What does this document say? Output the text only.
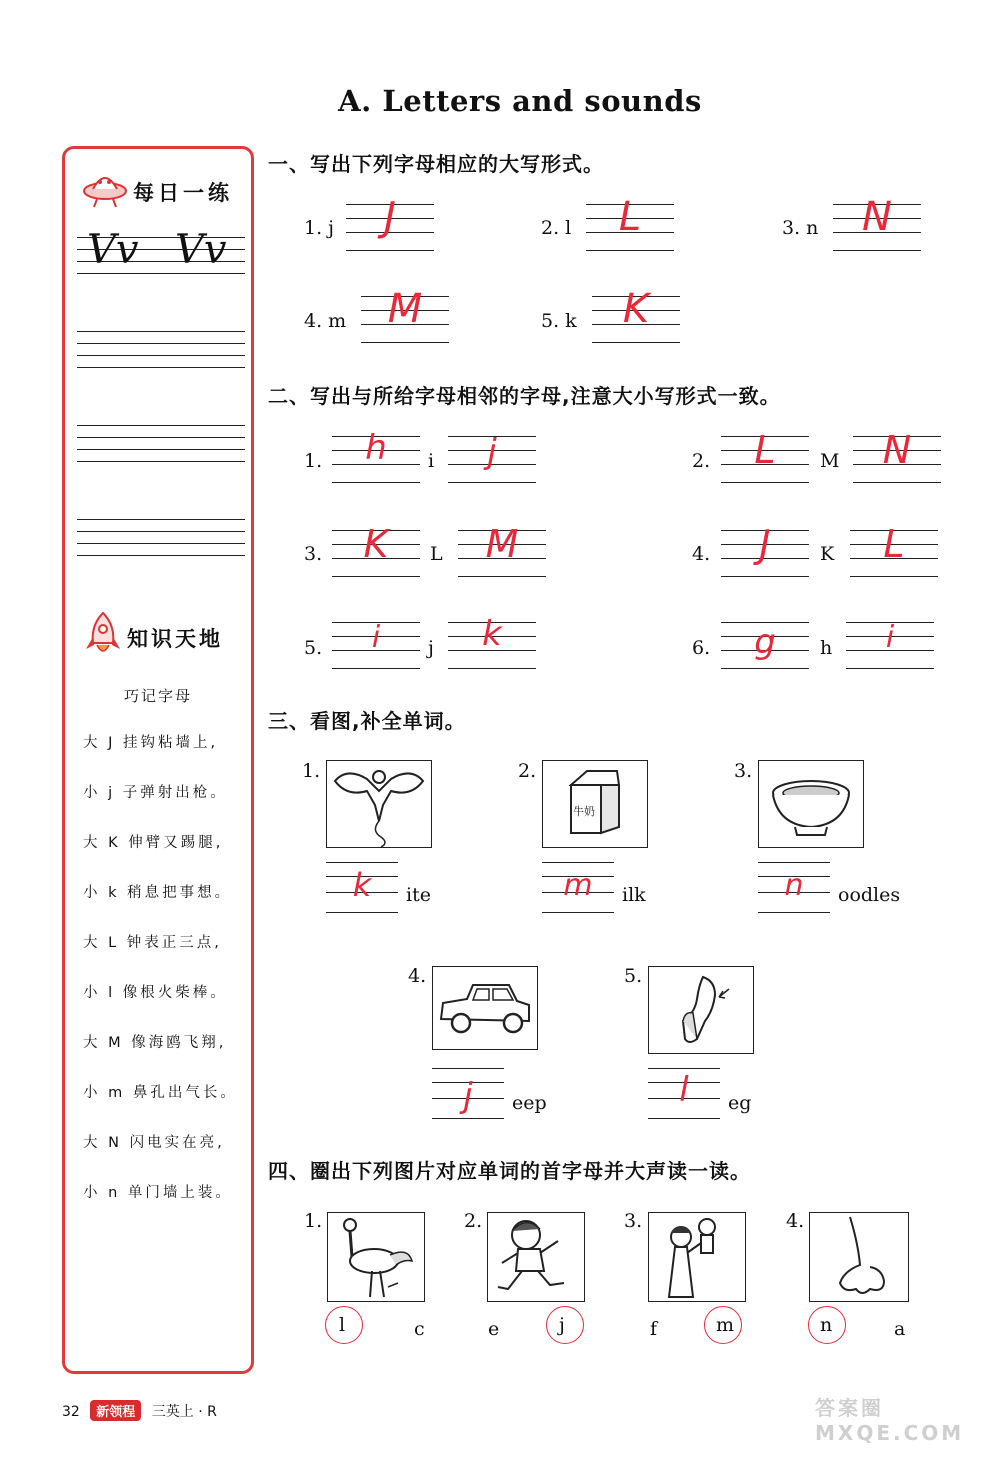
A. Letters and sounds
每日一练
Vv Vv
知识天地
巧记字母
大 J 挂钩粘墙上,
小 j 子弹射出枪。
大 K 伸臂又踢腿,
小 k 稍息把事想。
大 L 钟表正三点,
小 l 像根火柴棒。
大 M 像海鸥飞翔,
小 m 鼻孔出气长。
大 N 闪电实在亮,
小 n 单门墙上装。
一、写出下列字母相应的大写形式。
1. j	J	2. l	L	3. n	N
4. m	M	5. k	K
二、写出与所给字母相邻的字母,注意大小写形式一致。
1.	h	i	j	2.	L	M	N
3.	K	L	M	4.	J	K	L
5.	i	j	k	6.	g	h	i
三、看图,补全单词。
1.
k	ite
2.
牛奶
m	ilk
3.
n	oodles
4.
j	eep
5.
l	eg
四、圈出下列图片对应单词的首字母并大声读一读。
1.
l	c
2.
e	j
3.
f	m
4.
n	a
32 新领程 三英上 · R	答案圈 MXQE.COM
